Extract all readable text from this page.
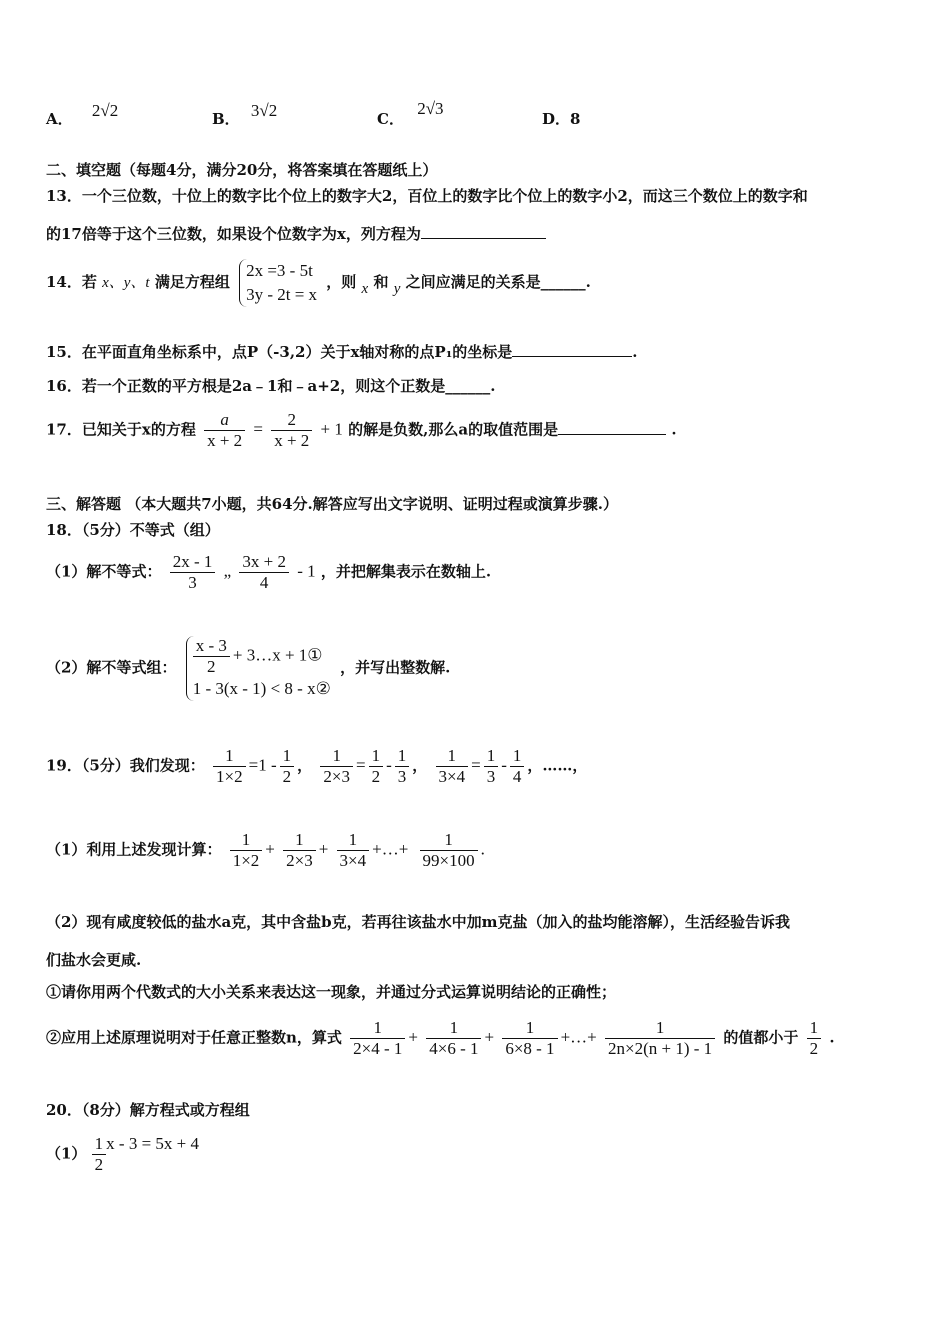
A． 2√2	B． 3√2	C． 2√3
D．8
二、填空题（每题4分，满分20分，将答案填在答题纸上）
13．一个三位数，十位上的数字比个位上的数字大2，百位上的数字比个位上的数字小2，而这三个数位上的数字和
的17倍等于这个三位数，如果设个位数字为x，列方程为
14．若 x、y、t 满足方程组
2x =3 - 5t
3y - 2t = x
，则 x 和 y 之间应满足的关系是______.
15．在平面直角坐标系中，点P（-3,2）关于x轴对称的点P₁的坐标是	.
16．若一个正数的平方根是2a﹣1和﹣a+2，则这个正数是______.
17．已知关于x的方程 $\frac{a}{x + 2} = \frac{2}{x + 2} + 1$ 的解是负数,那么a的取值范围是	.
三、解答题 （本大题共7小题，共64分.解答应写出文字说明、证明过程或演算步骤.）
18．（5分）不等式（组）
（1）解不等式： $\frac{2x - 1}{3}$ „ $\frac{3x + 2}{4} - 1$ ，并把解集表示在数轴上.
（2）解不等式组： $\frac{x - 3}{2}$ + 3…x + 1①
1 - 3(x - 1) < 8 - x②
，并写出整数解.
19．（5分）我们发现： $\frac{1}{1\times 2} =1 - \frac{1}{2}$ ， $\frac{1}{2\times 3} = \frac{1}{2} - \frac{1}{3}$ ， $\frac{1}{3\times 4} = \frac{1}{3} - \frac{1}{4}$ ，……，
（1）利用上述发现计算： $\frac{1}{1\times 2} + \frac{1}{2\times 3} + \frac{1}{3\times 4}$ +…+ $\frac{1}{99\times 100}$ .
（2）现有咸度较低的盐水a克，其中含盐b克，若再往该盐水中加m克盐（加入的盐均能溶解），生活经验告诉我
们盐水会更咸.
①请你用两个代数式的大小关系来表达这一现象，并通过分式运算说明结论的正确性；
②应用上述原理说明对于任意正整数n，算式 $\frac{1}{2\times 4 - 1} + \frac{1}{4\times 6 - 1} + \frac{1}{6\times 8 - 1}$ +…+ $\frac{1}{2n\times 2(n + 1) - 1}$ 的值都小于 $\frac{1}{2}$ .
20．（8分）解方程式或方程组
$(1) \frac{1}{2}$ x - 3 = 5x + 4
